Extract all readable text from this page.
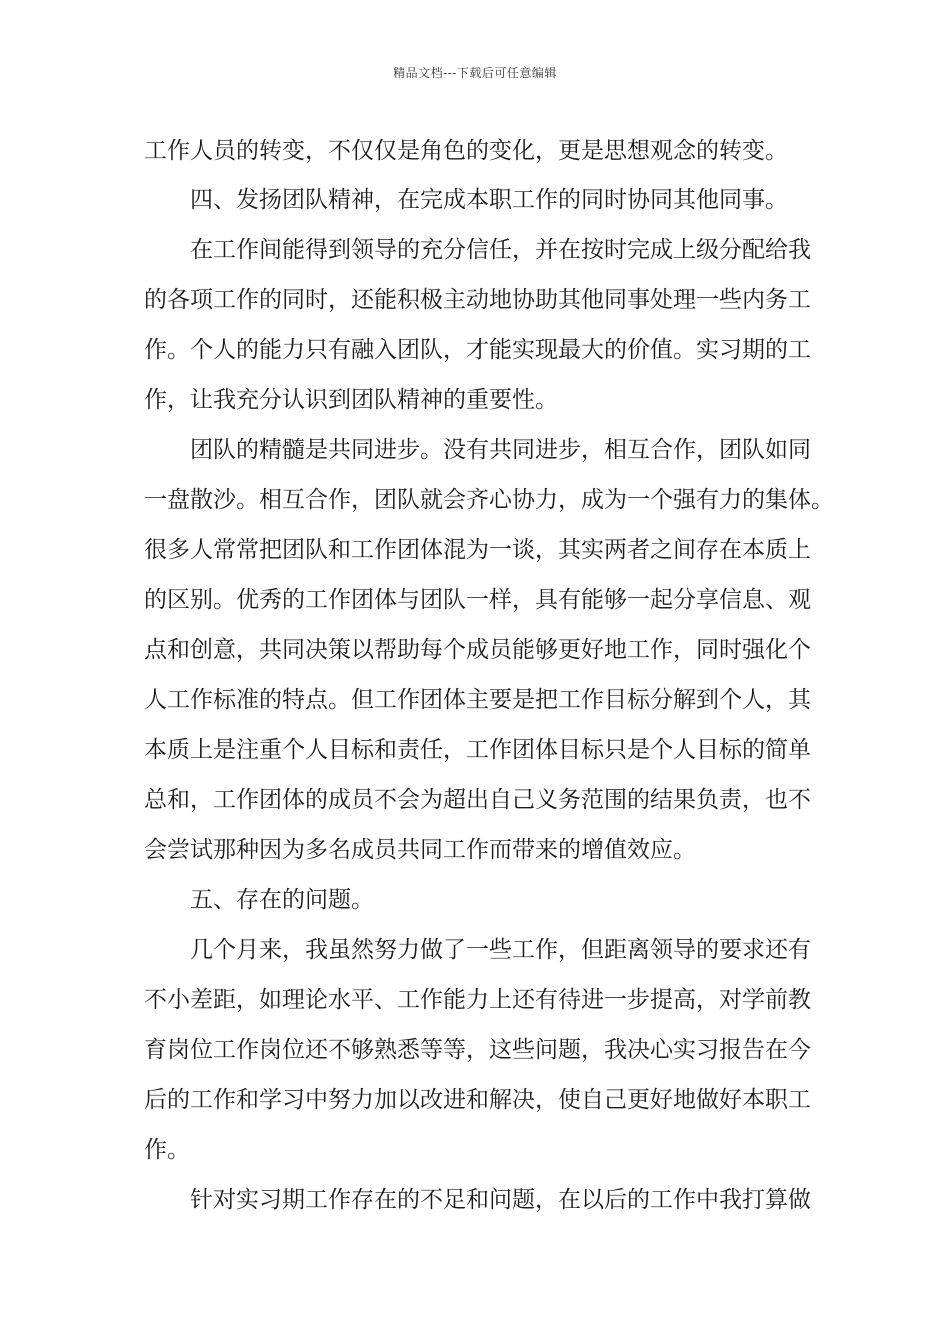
精品文档---下载后可任意编辑
工作人员的转变，不仅仅是角色的变化，更是思想观念的转变。
四、发扬团队精神，在完成本职工作的同时协同其他同事。
在工作间能得到领导的充分信任，并在按时完成上级分配给我
的各项工作的同时，还能积极主动地协助其他同事处理一些内务工
作。个人的能力只有融入团队，才能实现最大的价值。实习期的工
作，让我充分认识到团队精神的重要性。
团队的精髓是共同进步。没有共同进步，相互合作，团队如同
一盘散沙。相互合作，团队就会齐心协力，成为一个强有力的集体。
很多人常常把团队和工作团体混为一谈，其实两者之间存在本质上
的区别。优秀的工作团体与团队一样，具有能够一起分享信息、观
点和创意，共同决策以帮助每个成员能够更好地工作，同时强化个
人工作标准的特点。但工作团体主要是把工作目标分解到个人，其
本质上是注重个人目标和责任，工作团体目标只是个人目标的简单
总和，工作团体的成员不会为超出自己义务范围的结果负责，也不
会尝试那种因为多名成员共同工作而带来的增值效应。
五、存在的问题。
几个月来，我虽然努力做了一些工作，但距离领导的要求还有
不小差距，如理论水平、工作能力上还有待进一步提高，对学前教
育岗位工作岗位还不够熟悉等等，这些问题，我决心实习报告在今
后的工作和学习中努力加以改进和解决，使自己更好地做好本职工
作。
针对实习期工作存在的不足和问题，在以后的工作中我打算做
